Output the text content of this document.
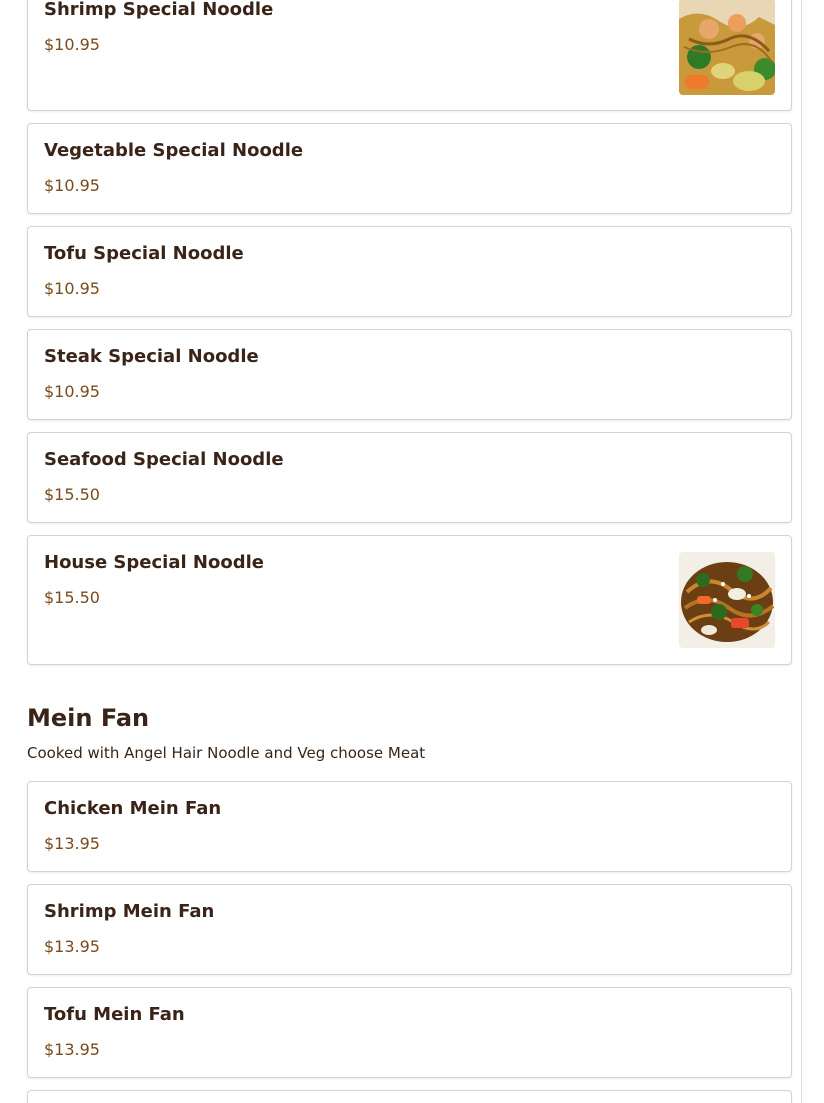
Shrimp Special Noodle
$10.95
Vegetable Special Noodle
$10.95
Tofu Special Noodle
$10.95
Steak Special Noodle
$10.95
Seafood Special Noodle
$15.50
House Special Noodle
$15.50
Mein Fan
Cooked with Angel Hair Noodle and Veg choose Meat
Chicken Mein Fan
$13.95
Shrimp Mein Fan
$13.95
Tofu Mein Fan
$13.95
